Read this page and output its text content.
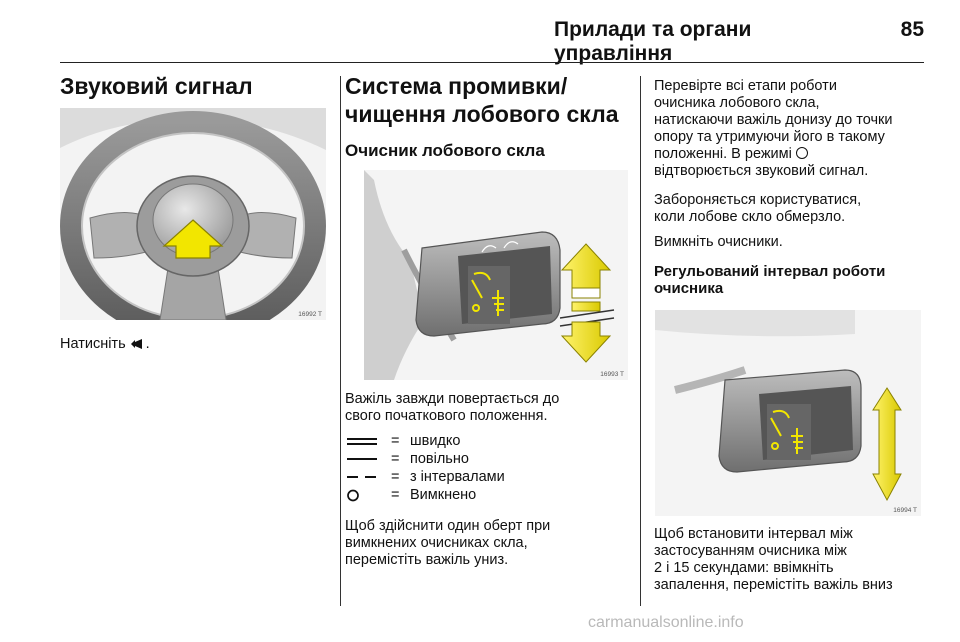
Прилади та органи управління
85
Звуковий сигнал
16992 T
Натисніть .
Система промивки/
чищення лобового скла
Очисник лобового скла
16993 T
Важіль завжди повертається до
свого початкового положення.
= швидко
= повільно
= з інтервалами
= Вимкнено
Щоб здійснити один оберт при
вимкнених очисниках скла,
перемістіть важіль униз.
Перевірте всі етапи роботи
очисника лобового скла,
натискаючи важіль донизу до точки
опору та утримуючи його в такому
положенні. В режимі
відтворюється звуковий сигнал.
Забороняється користуватися,
коли лобове скло обмерзло.
Вимкніть очисники.
Регульований інтервал роботи
очисника
16994 T
Щоб встановити інтервал між
застосуванням очисника між
2 і 15 секундами: ввімкніть
запалення, перемістіть важіль вниз
carmanualsonline.info
